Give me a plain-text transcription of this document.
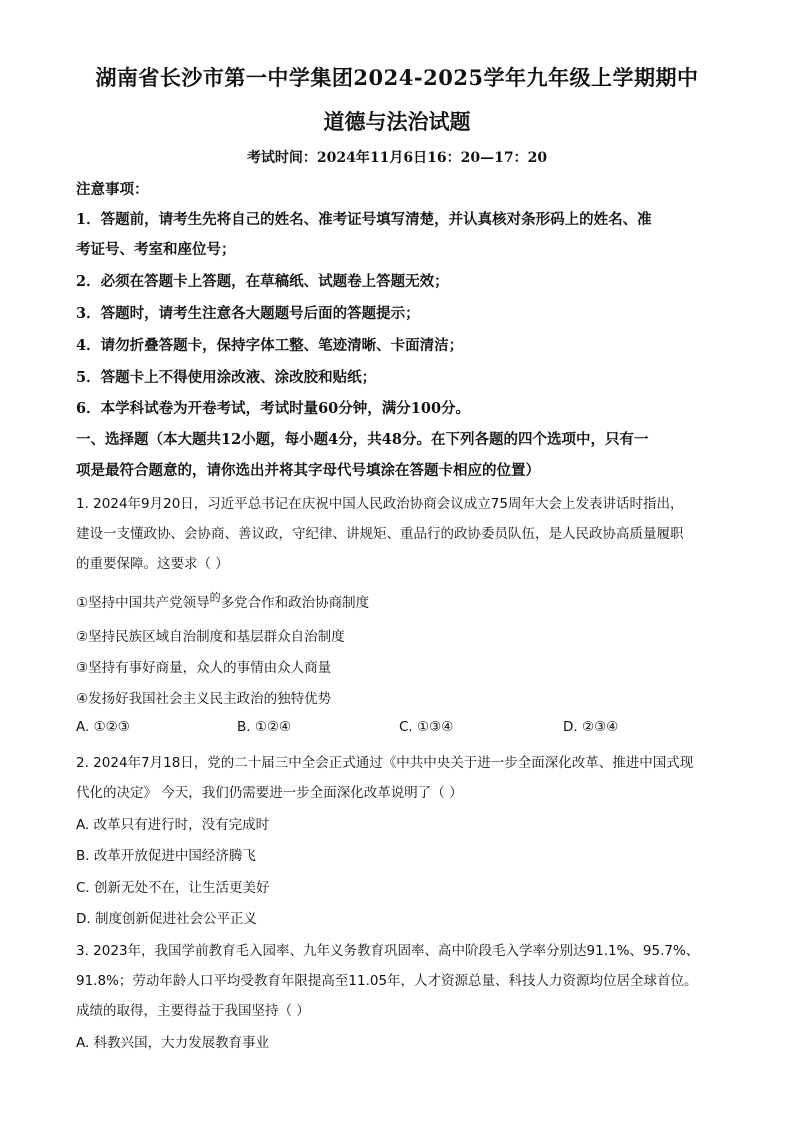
湖南省长沙市第一中学集团2024-2025学年九年级上学期期中
道德与法治试题
考试时间：2024年11月6日16：20—17：20
注意事项：
1．答题前，请考生先将自己的姓名、准考证号填写清楚，并认真核对条形码上的姓名、准
考证号、考室和座位号；
2．必须在答题卡上答题，在草稿纸、试题卷上答题无效；
3．答题时，请考生注意各大题题号后面的答题提示；
4．请勿折叠答题卡，保持字体工整、笔迹清晰、卡面清洁；
5．答题卡上不得使用涂改液、涂改胶和贴纸；
6．本学科试卷为开卷考试，考试时量60分钟，满分100分。
一、选择题（本大题共12小题，每小题4分，共48分。在下列各题的四个选项中，只有一
项是最符合题意的，请你选出并将其字母代号填涂在答题卡相应的位置）
1. 2024年9月20日，习近平总书记在庆祝中国人民政治协商会议成立75周年大会上发表讲话时指出，
建设一支懂政协、会协商、善议政，守纪律、讲规矩、重品行的政协委员队伍，是人民政协高质量履职
的重要保障。这要求（ ）
①坚持中国共产党领导$^的$多党合作和政治协商制度
②坚持民族区域自治制度和基层群众自治制度
③坚持有事好商量，众人的事情由众人商量
④发扬好我国社会主义民主政治的独特优势
A. ①②③	B. ①②④	C. ①③④	D. ②③④
2. 2024年7月18日，党的二十届三中全会正式通过《中共中央关于进一步全面深化改革、推进中国式现
代化的决定》 今天，我们仍需要进一步全面深化改革说明了（ ）
A. 改革只有进行时，没有完成时
B. 改革开放促进中国经济腾飞
C. 创新无处不在，让生活更美好
D. 制度创新促进社会公平正义
3. 2023年，我国学前教育毛入园率、九年义务教育巩固率、高中阶段毛入学率分别达91.1%、95.7%、
91.8%；劳动年龄人口平均受教育年限提高至11.05年，人才资源总量、科技人力资源均位居全球首位。
成绩的取得，主要得益于我国坚持（ ）
A. 科教兴国，大力发展教育事业
